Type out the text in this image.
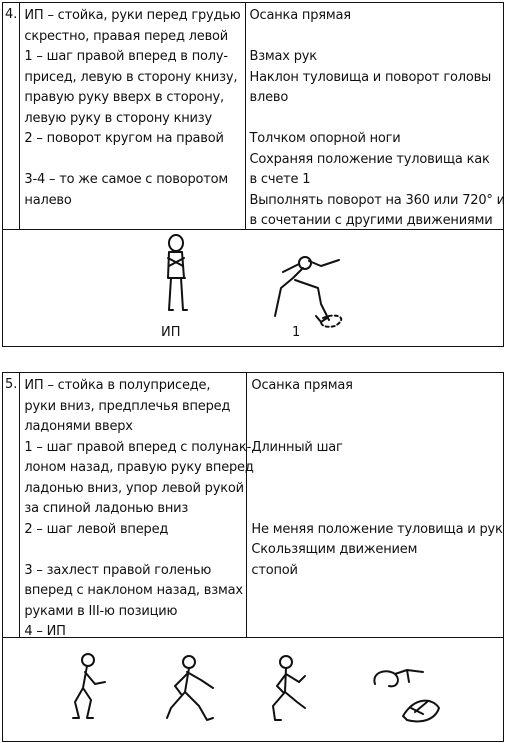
4. ИП – стойка, руки перед грудью
скрестно, правая перед левой
1 – шаг правой вперед в полу-
присед, левую в сторону книзу,
правую руку вверх в сторону,
левую руку в сторону книзу
2 – поворот кругом на правой
3-4 – то же самое с поворотом
налево
Осанка прямая
Взмах рук
Наклон туловища и поворот головы
влево
Толчком опорной ноги
Сохраняя положение туловища как
в счете 1
Выполнять поворот на 360 или 720° и
в сочетании с другими движениями
ИП	1
5. ИП – стойка в полуприседе,
руки вниз, предплечья вперед
ладонями вверх
1 – шаг правой вперед с полунак-
лоном назад, правую руку вперед
ладонью вниз, упор левой рукой
за спиной ладонью вниз
2 – шаг левой вперед
3 – захлест правой голенью
вперед с наклоном назад, взмах
руками в III-ю позицию
4 – ИП
Осанка прямая
Длинный шаг
Не меняя положение туловища и рук
Скользящим движением
стопой
